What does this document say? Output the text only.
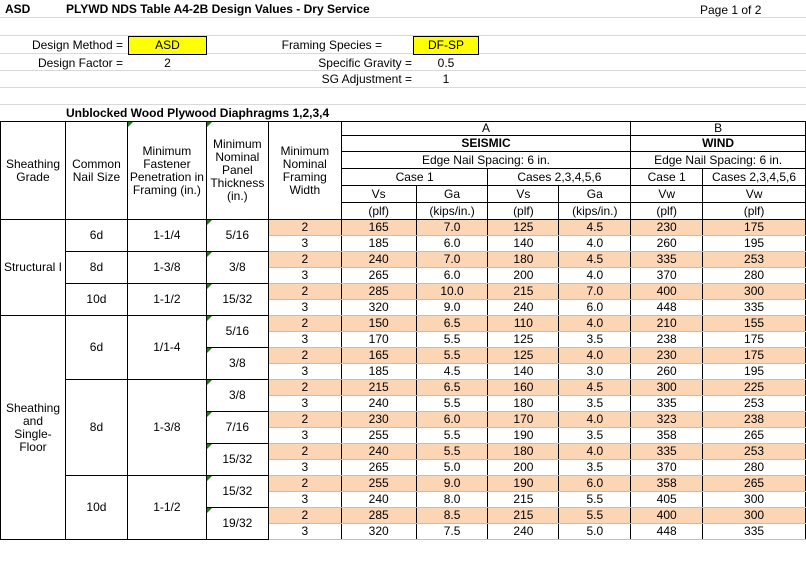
ASD	PLYWD NDS Table A4-2B Design Values - Dry Service	Page 1 of 2
Design Method =	ASD
Design Factor =	2
Framing Species =	DF-SP
Specific Gravity =	0.5
SG Adjustment =	1
Unblocked Wood Plywood Diaphragms 1,2,3,4
Sheathing Grade	Common Nail Size	Minimum Fastener Penetration in Framing (in.)	Minimum Nominal Panel Thickness (in.)	Minimum Nominal Framing Width	A				B	
					SEISMIC				WIND	
					Edge Nail Spacing: 6 in.				Edge Nail Spacing: 6 in.	
					Case 1		Cases 2,3,4,5,6		Case 1	Cases 2,3,4,5,6
					Vs	Ga	Vs	Ga	Vw	Vw
					(plf)	(kips/in.)	(plf)	(kips/in.)	(plf)	(plf)
Structural I	6d	1-1/4	5/16	2	165	7.0	125	4.5	230	175
				3	185	6.0	140	4.0	260	195
	8d	1-3/8	3/8	2	240	7.0	180	4.5	335	253
				3	265	6.0	200	4.0	370	280
	10d	1-1/2	15/32	2	285	10.0	215	7.0	400	300
				3	320	9.0	240	6.0	448	335
Sheathing and Single-Floor	6d	1/1-4	5/16	2	150	6.5	110	4.0	210	155
				3	170	5.5	125	3.5	238	175
			3/8	2	165	5.5	125	4.0	230	175
				3	185	4.5	140	3.0	260	195
	8d	1-3/8	3/8	2	215	6.5	160	4.5	300	225
				3	240	5.5	180	3.5	335	253
			7/16	2	230	6.0	170	4.0	323	238
				3	255	5.5	190	3.5	358	265
			15/32	2	240	5.5	180	4.0	335	253
				3	265	5.0	200	3.5	370	280
	10d	1-1/2	15/32	2	255	9.0	190	6.0	358	265
				3	240	8.0	215	5.5	405	300
			19/32	2	285	8.5	215	5.5	400	300
				3	320	7.5	240	5.0	448	335
